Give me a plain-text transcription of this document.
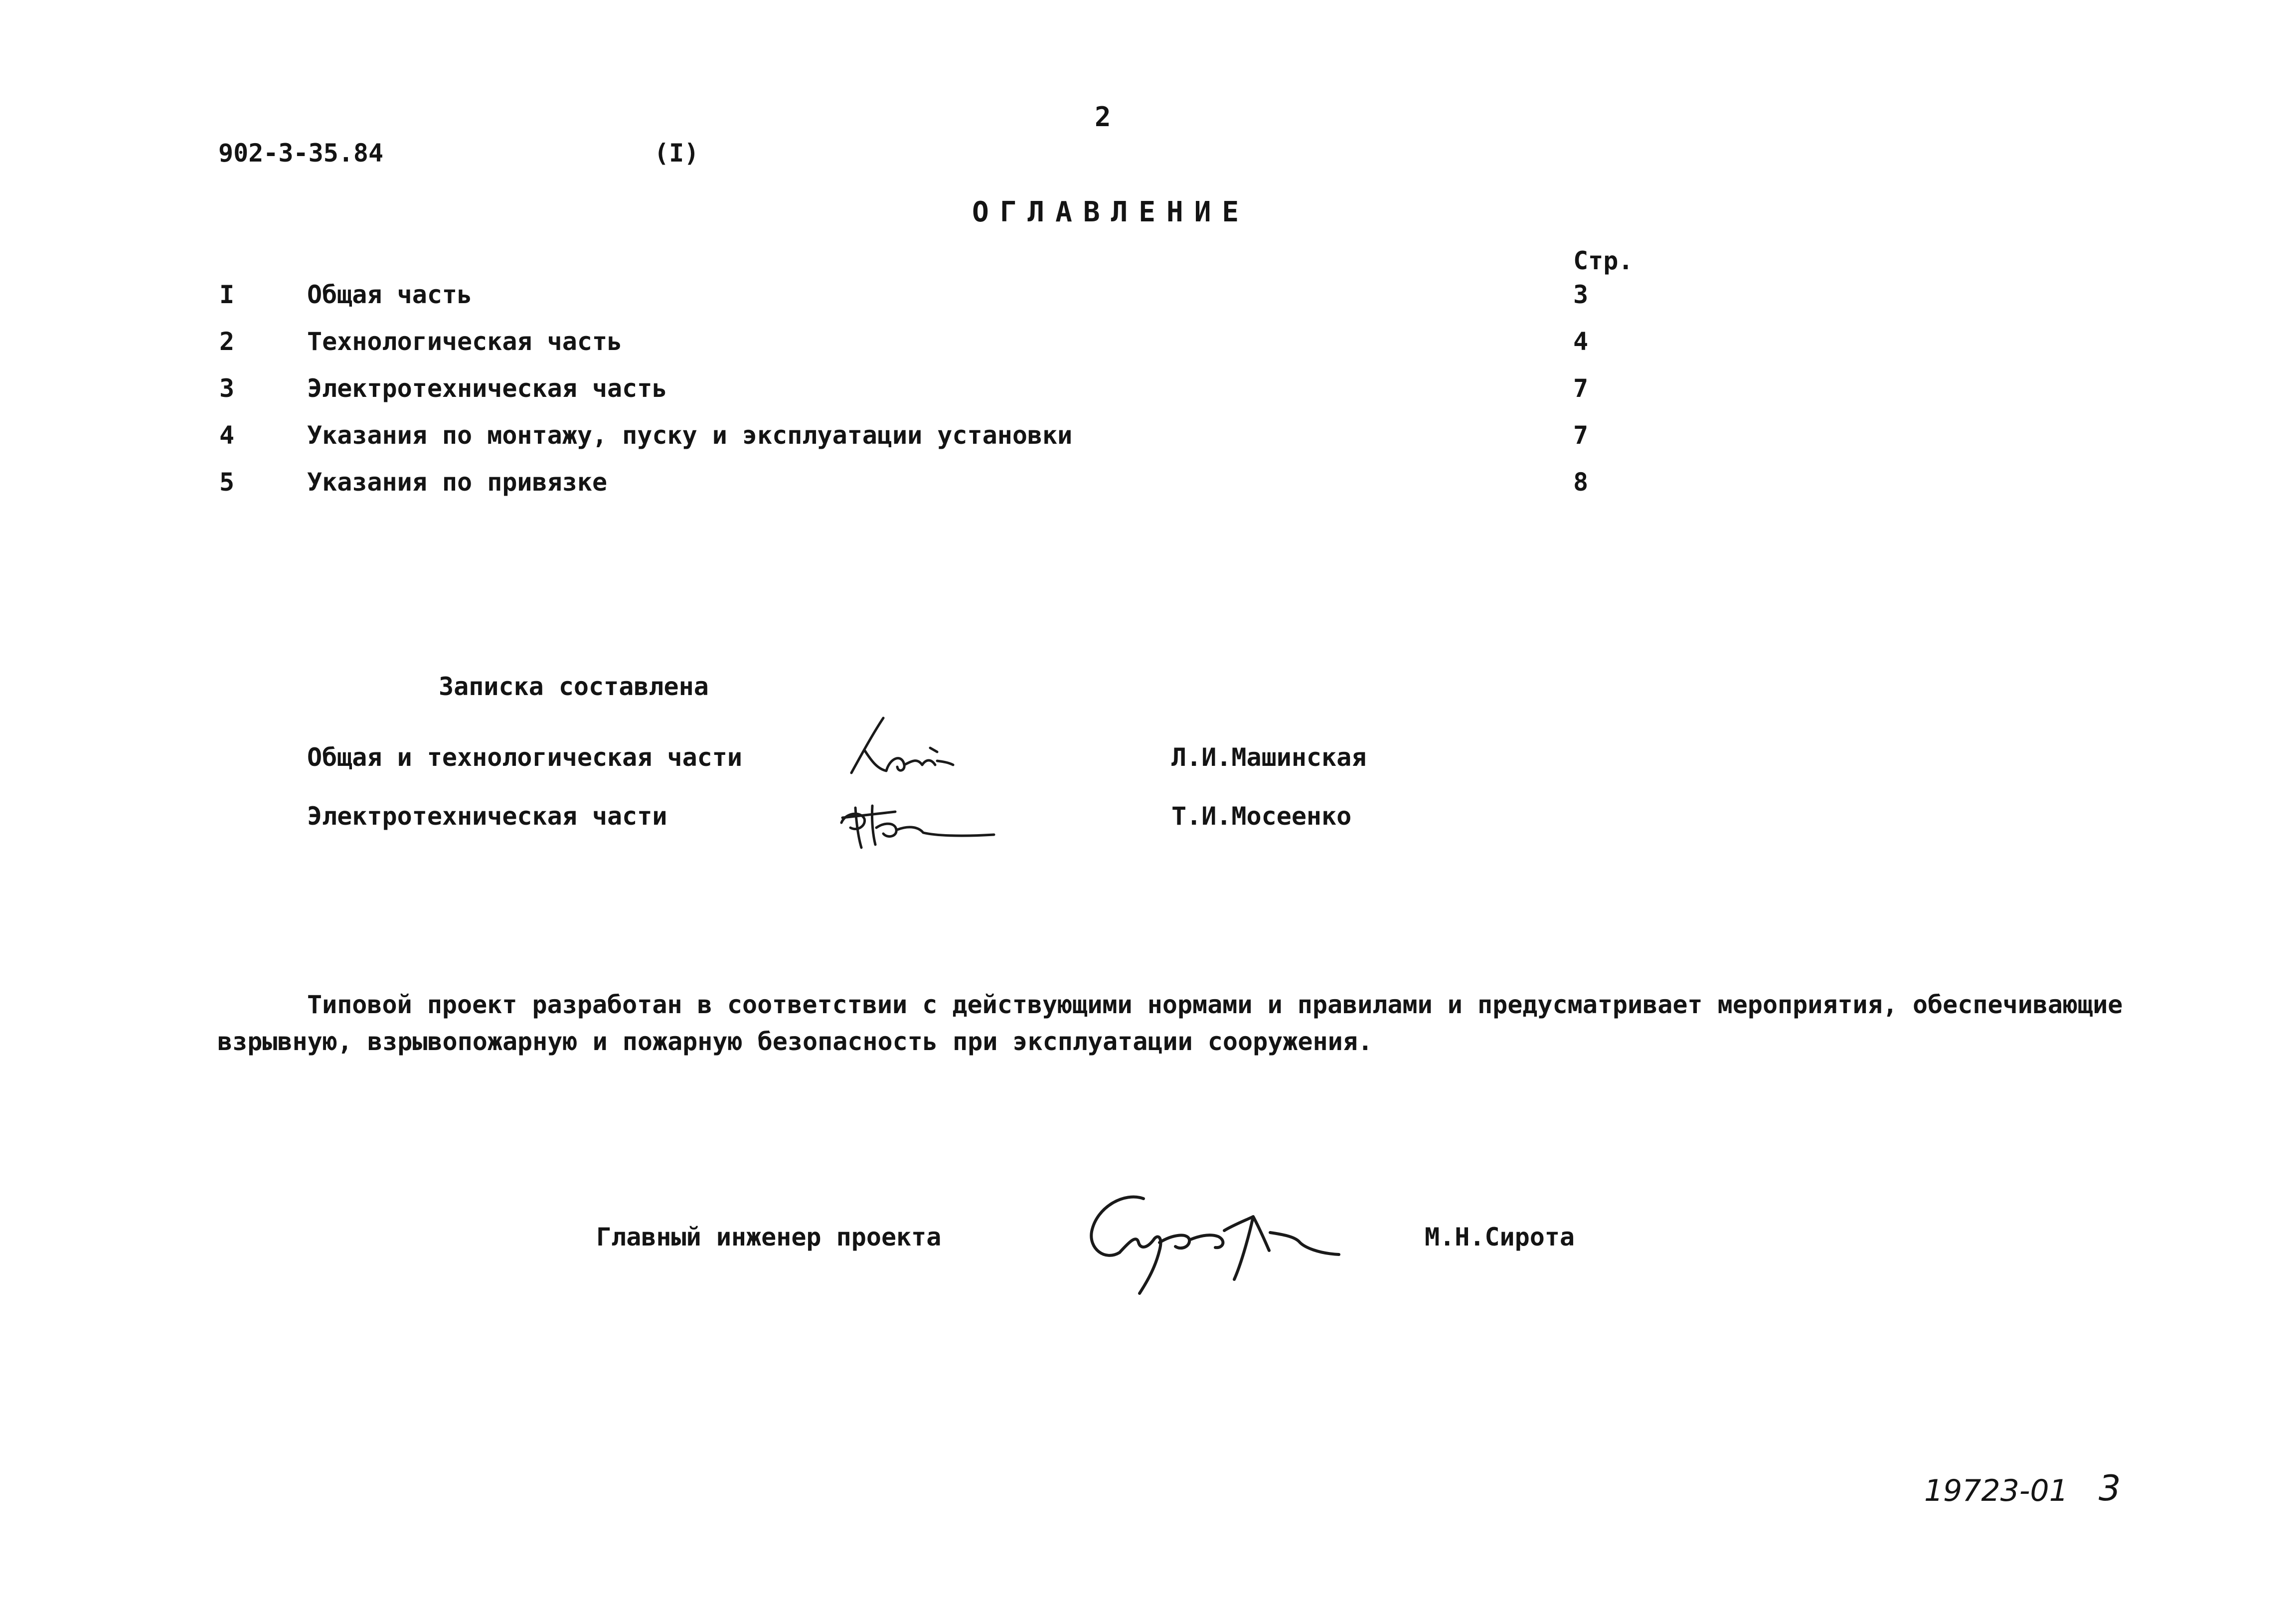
2
902-3-35.84	(I)
ОГЛАВЛЕНИЕ
Стр.
I	Общая часть	3
2	Технологическая часть	4
3	Электротехническая часть	7
4	Указания по монтажу, пуску и эксплуатации установки	7
5	Указания по привязке	8
Записка составлена
Общая и технологическая части	Л.И.Машинская
Электротехническая части	Т.И.Мосеенко
Типовой проект разработан в соответствии с действующими нормами и правилами и предусматривает мероприятия, обеспечивающие
взрывную, взрывопожарную и пожарную безопасность при эксплуатации сооружения.
Главный инженер проекта	М.Н.Сирота
19723-01 3
